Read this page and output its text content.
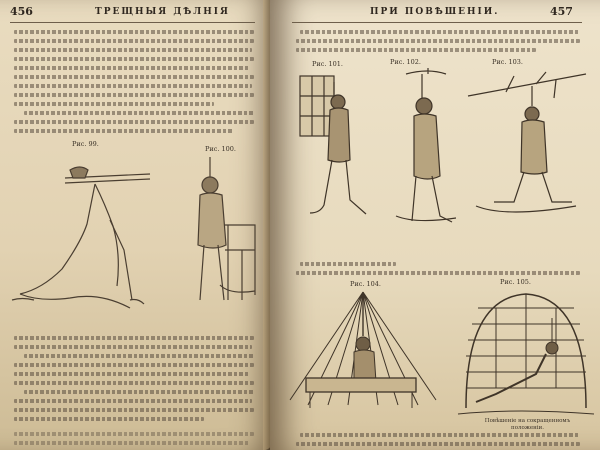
456	ТРЕЩНЫЯ ДѢЛНІЯ
Рис. 99.
Рис. 100.
ПРИ ПОВѢШЕНІИ.	457
Рис. 101.	Рис. 102.	Рис. 103.
Рис. 104.	Рис. 105.
Повѣшеніе на сокращенномъ положеніи.
